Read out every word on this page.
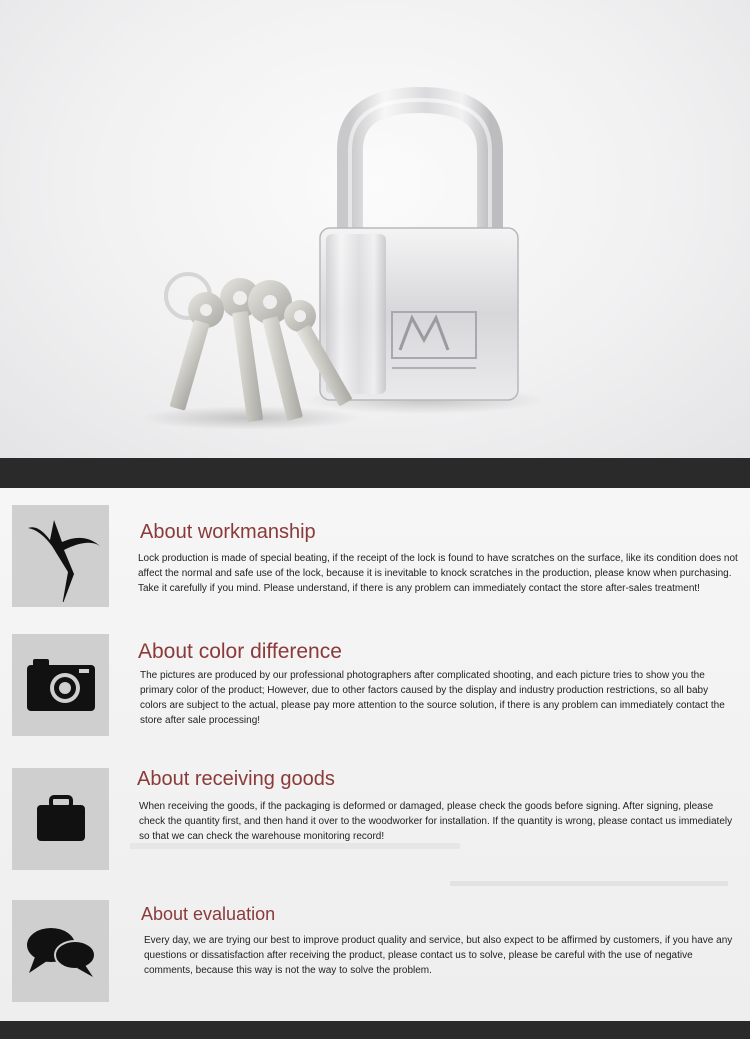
About workmanship

Lock production is made of special beating, if the receipt of the lock is found to have scratches on the surface, like its condition does not affect the normal and safe use of the lock, because it is inevitable to knock scratches in the production, please know when purchasing. Take it carefully if you mind. Please understand, if there is any problem can immediately contact the store after-sales treatment!

About color difference

The pictures are produced by our professional photographers after complicated shooting, and each picture tries to show you the primary color of the product; However, due to other factors caused by the display and industry production restrictions, so all baby colors are subject to the actual, please pay more attention to the source solution, if there is any problem can immediately contact the store after sale processing!

About receiving goods

When receiving the goods, if the packaging is deformed or damaged, please check the goods before signing. After signing, please check the quantity first, and then hand it over to the woodworker for installation. If the quantity is wrong, please contact us immediately so that we can check the warehouse monitoring record!

About evaluation

Every day, we are trying our best to improve product quality and service, but also expect to be affirmed by customers, if you have any questions or dissatisfaction after receiving the product, please contact us to solve, please be careful with the use of negative comments, because this way is not the way to solve the problem.
